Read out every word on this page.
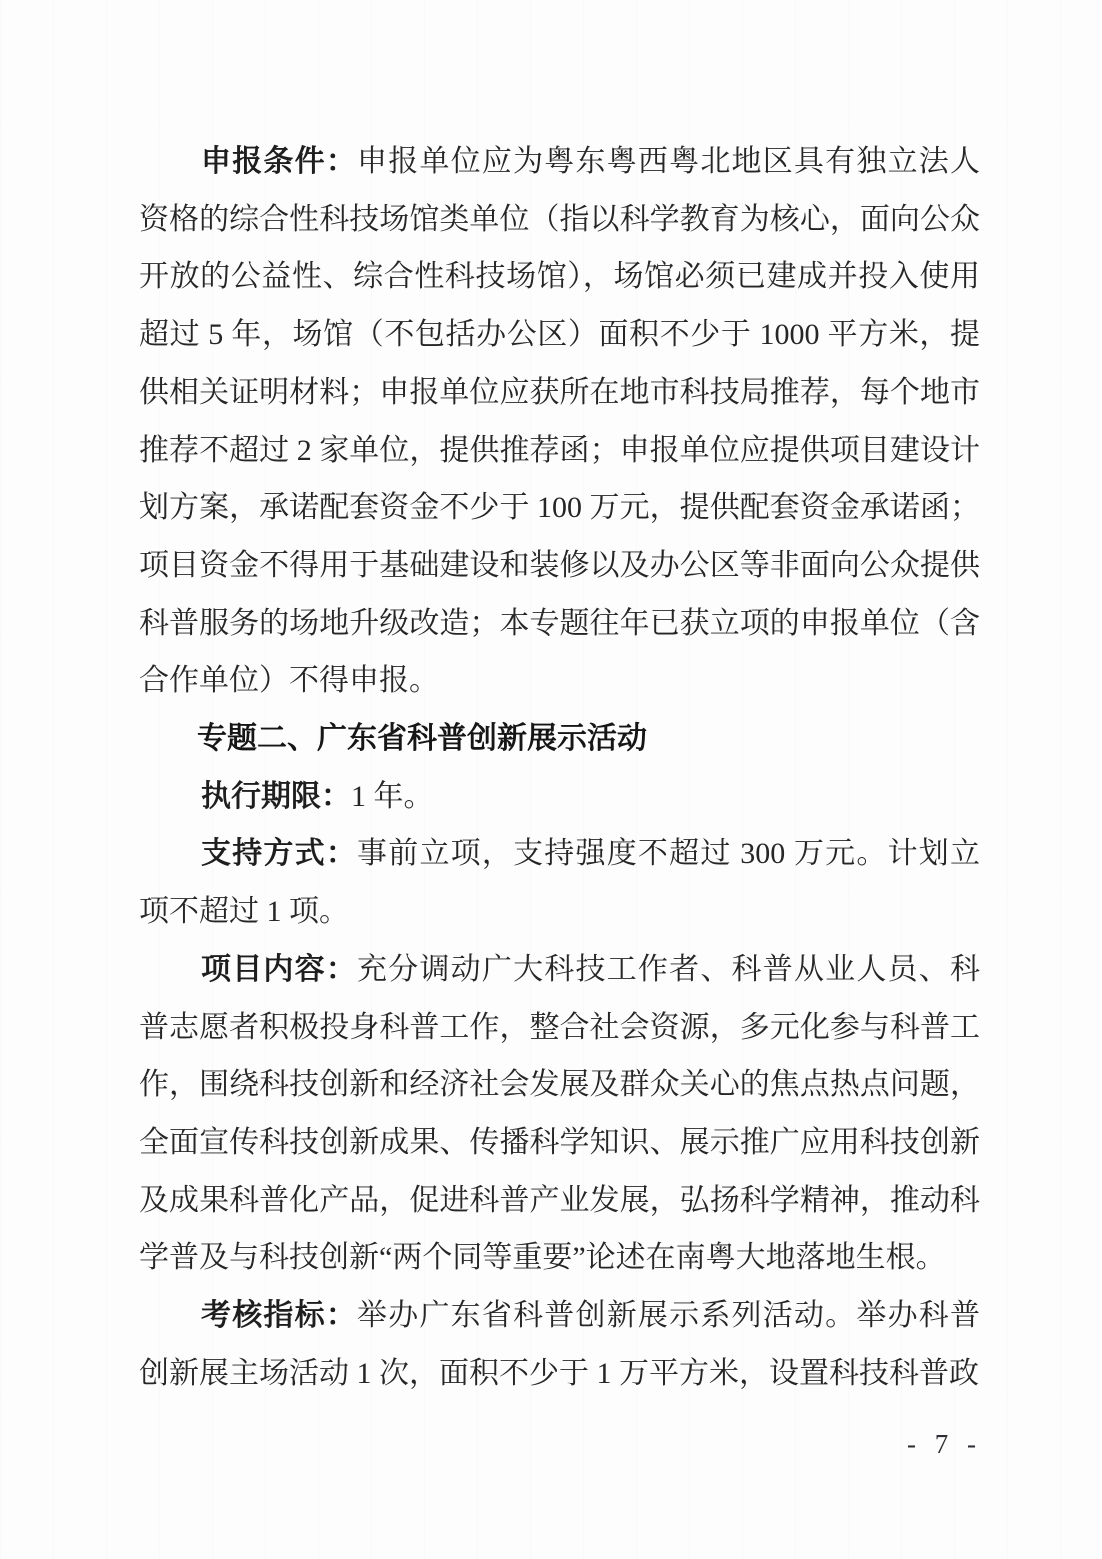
申报条件：申报单位应为粤东粤西粤北地区具有独立法人资格的综合性科技场馆类单位（指以科学教育为核心，面向公众开放的公益性、综合性科技场馆），场馆必须已建成并投入使用超过 5 年，场馆（不包括办公区）面积不少于 1000 平方米，提供相关证明材料；申报单位应获所在地市科技局推荐，每个地市推荐不超过 2 家单位，提供推荐函；申报单位应提供项目建设计划方案，承诺配套资金不少于 100 万元，提供配套资金承诺函；项目资金不得用于基础建设和装修以及办公区等非面向公众提供科普服务的场地升级改造；本专题往年已获立项的申报单位（含合作单位）不得申报。

专题二、广东省科普创新展示活动

执行期限：1 年。

支持方式：事前立项，支持强度不超过 300 万元。计划立项不超过 1 项。

项目内容：充分调动广大科技工作者、科普从业人员、科普志愿者积极投身科普工作，整合社会资源，多元化参与科普工作，围绕科技创新和经济社会发展及群众关心的焦点热点问题，全面宣传科技创新成果、传播科学知识、展示推广应用科技创新及成果科普化产品，促进科普产业发展，弘扬科学精神，推动科学普及与科技创新“两个同等重要”论述在南粤大地落地生根。

考核指标：举办广东省科普创新展示系列活动。举办科普创新展主场活动 1 次，面积不少于 1 万平方米，设置科技科普政

- 7 -
